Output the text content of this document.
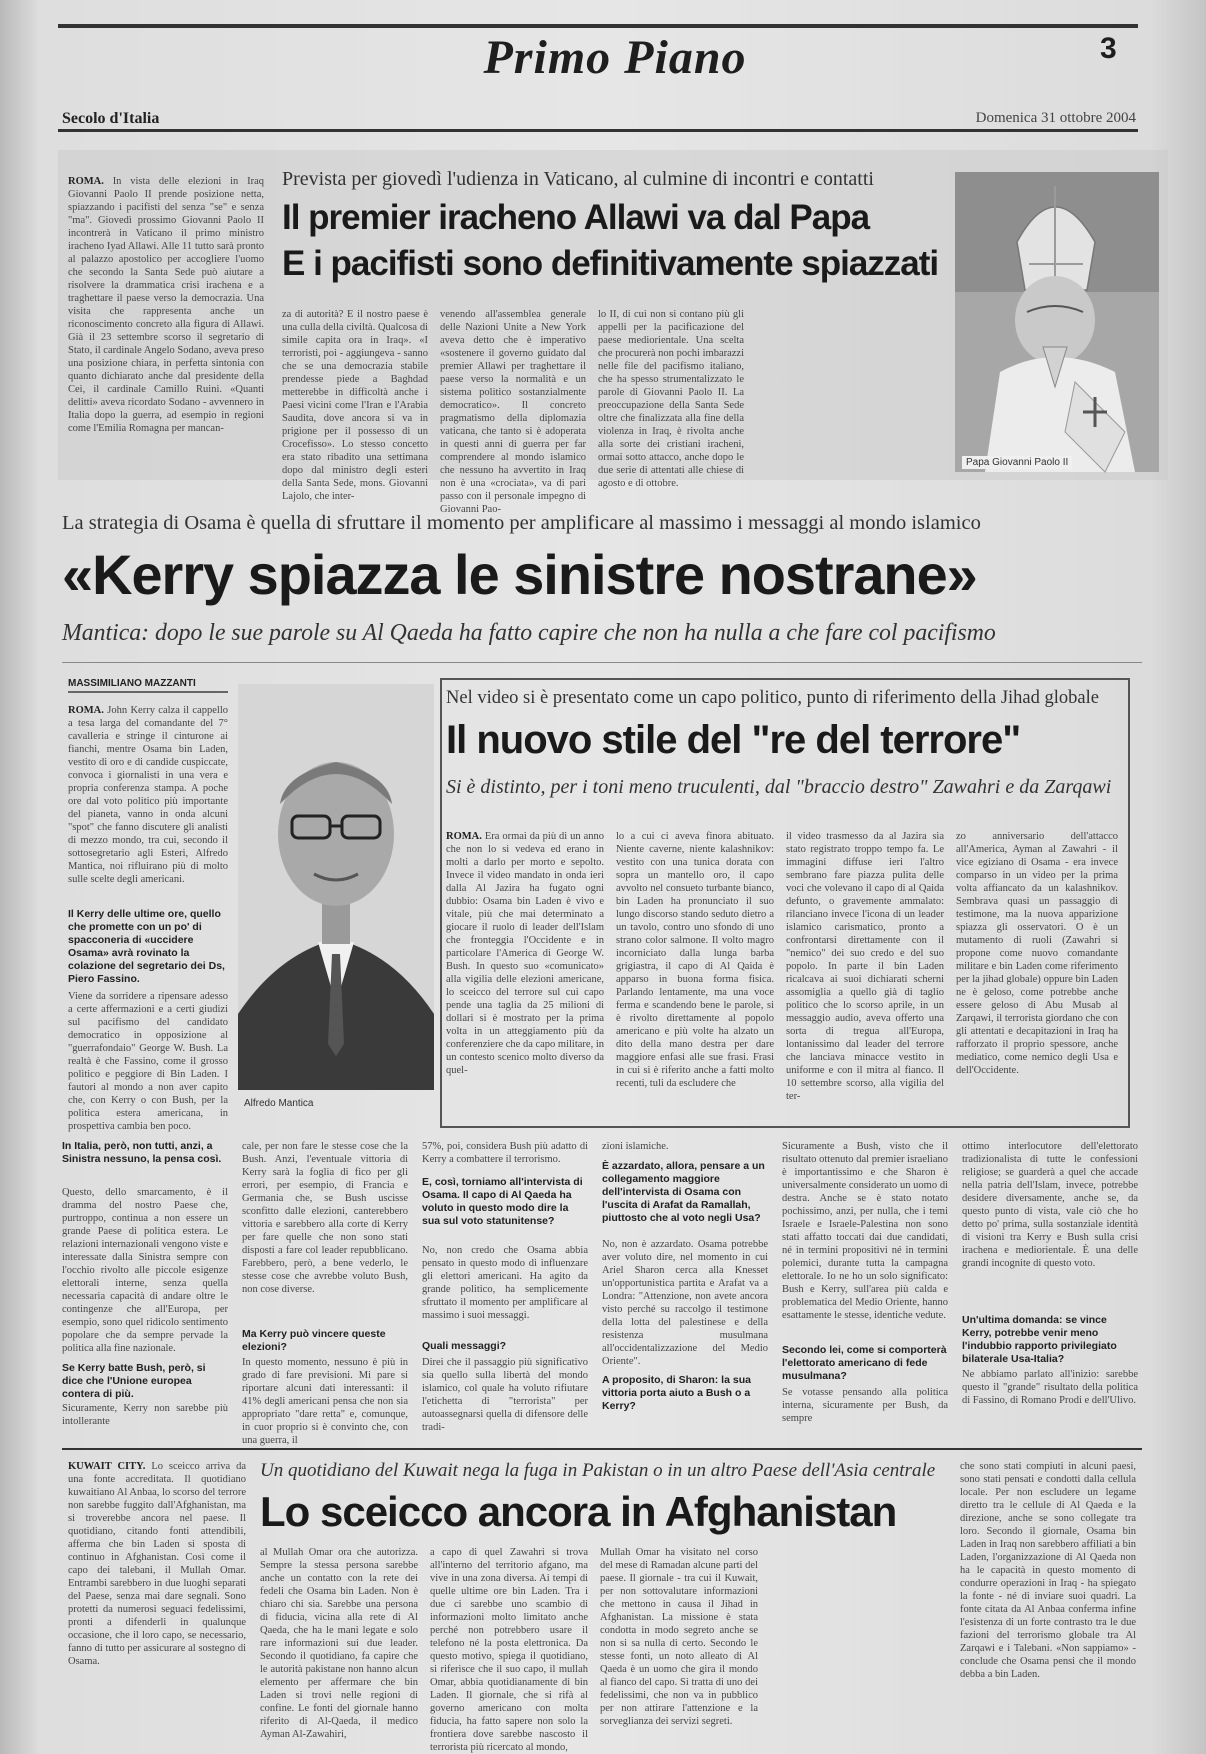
Primo Piano	3
Secolo d'Italia	Domenica 31 ottobre 2004
ROMA. In vista delle elezioni in Iraq Giovanni Paolo II prende posizione netta, spiazzando i pacifisti del senza "se" e senza "ma". Giovedì prossimo Giovanni Paolo II incontrerà in Vaticano il primo ministro iracheno Iyad Allawi. Alle 11 tutto sarà pronto al palazzo apostolico per accogliere l'uomo che secondo la Santa Sede può aiutare a risolvere la drammatica crisi irachena e a traghettare il paese verso la democrazia. Una visita che rappresenta anche un riconoscimento concreto alla figura di Allawi. Già il 23 settembre scorso il segretario di Stato, il cardinale Angelo Sodano, aveva preso una posizione chiara, in perfetta sintonia con quanto dichiarato anche dal presidente della Cei, il cardinale Camillo Ruini. «Quanti delitti» aveva ricordato Sodano - avvennero in Italia dopo la guerra, ad esempio in regioni come l'Emilia Romagna per mancan-
Prevista per giovedì l'udienza in Vaticano, al culmine di incontri e contatti
Il premier iracheno Allawi va dal Papa
E i pacifisti sono definitivamente spiazzati
za di autorità? E il nostro paese è una culla della civiltà. Qualcosa di simile capita ora in Iraq». «I terroristi, poi - aggiungeva - sanno che se una democrazia stabile prendesse piede a Baghdad metterebbe in difficoltà anche i Paesi vicini come l'Iran e l'Arabia Saudita, dove ancora si va in prigione per il possesso di un Crocefisso». Lo stesso concetto era stato ribadito una settimana dopo dal ministro degli esteri della Santa Sede, mons. Giovanni Lajolo, che inter-
venendo all'assemblea generale delle Nazioni Unite a New York aveva detto che è imperativo «sostenere il governo guidato dal premier Allawi per traghettare il paese verso la normalità e un sistema politico sostanzialmente democratico». Il concreto pragmatismo della diplomazia vaticana, che tanto si è adoperata in questi anni di guerra per far comprendere al mondo islamico che nessuno ha avvertito in Iraq non è una «crociata», va di pari passo con il personale impegno di Giovanni Pao-
lo II, di cui non si contano più gli appelli per la pacificazione del paese mediorientale. Una scelta che procurerà non pochi imbarazzi nelle file del pacifismo italiano, che ha spesso strumentalizzato le parole di Giovanni Paolo II. La preoccupazione della Santa Sede oltre che finalizzata alla fine della violenza in Iraq, è rivolta anche alla sorte dei cristiani iracheni, ormai sotto attacco, anche dopo le due serie di attentati alle chiese di agosto e di ottobre.
Papa Giovanni Paolo II
La strategia di Osama è quella di sfruttare il momento per amplificare al massimo i messaggi al mondo islamico
«Kerry spiazza le sinistre nostrane»
Mantica: dopo le sue parole su Al Qaeda ha fatto capire che non ha nulla a che fare col pacifismo
MASSIMILIANO MAZZANTI
ROMA. John Kerry calza il cappello a tesa larga del comandante del 7° cavalleria e stringe il cinturone ai fianchi, mentre Osama bin Laden, vestito di oro e di candide cuspiccate, convoca i giornalisti in una vera e propria conferenza stampa. A poche ore dal voto politico più importante del pianeta, vanno in onda alcuni "spot" che fanno discutere gli analisti di mezzo mondo, tra cui, secondo il sottosegretario agli Esteri, Alfredo Mantica, noi rifluirano più di molto sulle scelte degli americani.
Il Kerry delle ultime ore, quello che promette con un po' di spacconeria di «uccidere Osama» avrà rovinato la colazione del segretario dei Ds, Piero Fassino.
Viene da sorridere a ripensare adesso a certe affermazioni e a certi giudizi sul pacifismo del candidato democratico in opposizione al "guerrafondaio" George W. Bush. La realtà è che Fassino, come il grosso politico e peggiore di Bin Laden. I fautori al mondo a non aver capito che, con Kerry o con Bush, per la politica estera americana, in prospettiva cambia ben poco.
Alfredo Mantica
Nel video si è presentato come un capo politico, punto di riferimento della Jihad globale
Il nuovo stile del "re del terrore"
Si è distinto, per i toni meno truculenti, dal "braccio destro" Zawahri e da Zarqawi
ROMA. Era ormai da più di un anno che non lo si vedeva ed erano in molti a darlo per morto e sepolto. Invece il video mandato in onda ieri dalla Al Jazira ha fugato ogni dubbio: Osama bin Laden è vivo e vitale, più che mai determinato a giocare il ruolo di leader dell'Islam che fronteggia l'Occidente e in particolare l'America di George W. Bush. In questo suo «comunicato» alla vigilia delle elezioni americane, lo sceicco del terrore sul cui capo pende una taglia da 25 milioni di dollari si è mostrato per la prima volta in un atteggiamento più da conferenziere che da capo militare, in un contesto scenico molto diverso da quel-
lo a cui ci aveva finora abituato. Niente caverne, niente kalashnikov: vestito con una tunica dorata con sopra un mantello oro, il capo avvolto nel consueto turbante bianco, bin Laden ha pronunciato il suo lungo discorso stando seduto dietro a un tavolo, contro uno sfondo di uno strano color salmone. Il volto magro incorniciato dalla lunga barba grigiastra, il capo di Al Qaida è apparso in buona forma fisica. Parlando lentamente, ma una voce ferma e scandendo bene le parole, si è rivolto direttamente al popolo americano e più volte ha alzato un dito della mano destra per dare maggiore enfasi alle sue frasi. Frasi in cui si è riferito anche a fatti molto recenti, tuli da escludere che
il video trasmesso da al Jazira sia stato registrato troppo tempo fa. Le immagini diffuse ieri l'altro sembrano fare piazza pulita delle voci che volevano il capo di al Qaida defunto, o gravemente ammalato: rilanciano invece l'icona di un leader islamico carismatico, pronto a confrontarsi direttamente con il "nemico" dei suo credo e del suo popolo. In parte il bin Laden ricalcava ai suoi dichiarati scherni assomiglia a quello già di taglio politico che lo scorso aprile, in un messaggio audio, aveva offerto una sorta di tregua all'Europa, lontanissimo dal leader del terrore che lanciava minacce vestito in uniforme e con il mitra al fianco. Il 10 settembre scorso, alla vigilia del ter-
zo anniversario dell'attacco all'America, Ayman al Zawahri - il vice egiziano di Osama - era invece comparso in un video per la prima volta affiancato da un kalashnikov. Sembrava quasi un passaggio di testimone, ma la nuova apparizione spiazza gli osservatori. O è un mutamento di ruoli (Zawahri si propone come nuovo comandante militare e bin Laden come riferimento per la jihad globale) oppure bin Laden ne è geloso, come potrebbe anche essere geloso di Abu Musab al Zarqawi, il terrorista giordano che con gli attentati e decapitazioni in Iraq ha rafforzato il proprio spessore, anche mediatico, come nemico degli Usa e dell'Occidente.
In Italia, però, non tutti, anzi, a Sinistra nessuno, la pensa così.
Questo, dello smarcamento, è il dramma del nostro Paese che, purtroppo, continua a non essere un grande Paese di politica estera. Le relazioni internazionali vengono viste e interessate dalla Sinistra sempre con l'occhio rivolto alle piccole esigenze elettorali interne, senza quella necessaria capacità di andare oltre le contingenze che all'Europa, per esempio, sono quel ridicolo sentimento popolare che da sempre pervade la politica alla fine nazionale.
Se Kerry batte Bush, però, si dice che l'Unione europea contera di più.
Sicuramente, Kerry non sarebbe più intollerante
cale, per non fare le stesse cose che la Bush. Anzi, l'eventuale vittoria di Kerry sarà la foglia di fico per gli errori, per esempio, di Francia e Germania che, se Bush uscisse sconfitto dalle elezioni, canterebbero vittoria e sarebbero alla corte di Kerry per fare quelle che non sono stati disposti a fare col leader repubblicano. Farebbero, però, a bene vederlo, le stesse cose che avrebbe voluto Bush, non cose diverse.
Ma Kerry può vincere queste elezioni?
In questo momento, nessuno è più in grado di fare previsioni. Mi pare si riportare alcuni dati interessanti: il 41% degli americani pensa che non sia appropriato "dare retta" e, comunque, in cuor proprio si è convinto che, con una guerra, il
57%, poi, considera Bush più adatto di Kerry a combattere il terrorismo.
E, così, torniamo all'intervista di Osama. Il capo di Al Qaeda ha voluto in questo modo dire la sua sul voto statunitense?
No, non credo che Osama abbia pensato in questo modo di influenzare gli elettori americani. Ha agito da grande politico, ha semplicemente sfruttato il momento per amplificare al massimo i suoi messaggi.
Quali messaggi?
Direi che il passaggio più significativo sia quello sulla libertà del mondo islamico, col quale ha voluto rifiutare l'etichetta di "terrorista" per autoassegnarsi quella di difensore delle tradi-
zioni islamiche.
È azzardato, allora, pensare a un collegamento maggiore dell'intervista di Osama con l'uscita di Arafat da Ramallah, piuttosto che al voto negli Usa?
No, non è azzardato. Osama potrebbe aver voluto dire, nel momento in cui Ariel Sharon cerca alla Knesset un'opportunistica partita e Arafat va a Londra: "Attenzione, non avete ancora visto perché su raccolgo il testimone della lotta del palestinese e della resistenza musulmana all'occidentalizzazione del Medio Oriente".
A proposito, di Sharon: la sua vittoria porta aiuto a Bush o a Kerry?
Sicuramente a Bush, visto che il risultato ottenuto dal premier israeliano è importantissimo e che Sharon è universalmente considerato un uomo di destra. Anche se è stato notato pochissimo, anzi, per nulla, che i temi Israele e Israele-Palestina non sono stati affatto toccati dai due candidati, né in termini propositivi né in termini polemici, durante tutta la campagna elettorale. Io ne ho un solo significato: Bush e Kerry, sull'area più calda e problematica del Medio Oriente, hanno esattamente le stesse, identiche vedute.
Secondo lei, come si comporterà l'elettorato americano di fede musulmana?
Se votasse pensando alla politica interna, sicuramente per Bush, da sempre
ottimo interlocutore dell'elettorato tradizionalista di tutte le confessioni religiose; se guarderà a quel che accade nella patria dell'Islam, invece, potrebbe desidere diversamente, anche se, da questo punto di vista, vale ciò che ho detto po' prima, sulla sostanziale identità di visioni tra Kerry e Bush sulla crisi irachena e mediorientale. È una delle grandi incognite di questo voto.
Un'ultima domanda: se vince Kerry, potrebbe venir meno l'indubbio rapporto privilegiato bilaterale Usa-Italia?
Ne abbiamo parlato all'inizio: sarebbe questo il "grande" risultato della politica di Fassino, di Romano Prodi e dell'Ulivo.
KUWAIT CITY. Lo sceicco arriva da una fonte accreditata. Il quotidiano kuwaitiano Al Anbaa, lo scorso del terrore non sarebbe fuggito dall'Afghanistan, ma si troverebbe ancora nel paese. Il quotidiano, citando fonti attendibili, afferma che bin Laden si sposta di continuo in Afghanistan. Così come il capo dei talebani, il Mullah Omar. Entrambi sarebbero in due luoghi separati del Paese, senza mai dare segnali. Sono protetti da numerosi seguaci fedelissimi, pronti a difenderli in qualunque occasione, che il loro capo, se necessario, fanno di tutto per assicurare al sostegno di Osama.
Un quotidiano del Kuwait nega la fuga in Pakistan o in un altro Paese dell'Asia centrale
Lo sceicco ancora in Afghanistan
al Mullah Omar ora che autorizza. Sempre la stessa persona sarebbe anche un contatto con la rete dei fedeli che Osama bin Laden. Non è chiaro chi sia. Sarebbe una persona di fiducia, vicina alla rete di Al Qaeda, che ha le mani legate e solo rare informazioni sui due leader. Secondo il quotidiano, fa capire che le autorità pakistane non hanno alcun elemento per affermare che bin Laden si trovi nelle regioni di confine. Le fonti del giornale hanno riferito di Al-Qaeda, il medico Ayman Al-Zawahiri,
a capo di quel Zawahri si trova all'interno del territorio afgano, ma vive in una zona diversa. Ai tempi di quelle ultime ore bin Laden. Tra i due ci sarebbe uno scambio di informazioni molto limitato anche perché non potrebbero usare il telefono né la posta elettronica. Da questo motivo, spiega il quotidiano, si riferisce che il suo capo, il mullah Omar, abbia quotidianamente di bin Laden. Il giornale, che si rifà al governo americano con molta fiducia, ha fatto sapere non solo la frontiera dove sarebbe nascosto il terrorista più ricercato al mondo,
Mullah Omar ha visitato nel corso del mese di Ramadan alcune parti del paese. Il giornale - tra cui il Kuwait, per non sottovalutare informazioni che mettono in causa il Jihad in Afghanistan. La missione è stata condotta in modo segreto anche se non si sa nulla di certo. Secondo le stesse fonti, un noto alleato di Al Qaeda è un uomo che gira il mondo al fianco del capo. Si tratta di uno dei fedelissimi, che non va in pubblico per non attirare l'attenzione e la sorveglianza dei servizi segreti.
che sono stati compiuti in alcuni paesi, sono stati pensati e condotti dalla cellula locale. Per non escludere un legame diretto tra le cellule di Al Qaeda e la direzione, anche se sono collegate tra loro. Secondo il giornale, Osama bin Laden in Iraq non sarebbero affiliati a bin Laden, l'organizzazione di Al Qaeda non ha le capacità in questo momento di condurre operazioni in Iraq - ha spiegato la fonte - né di inviare suoi quadri. La fonte citata da Al Anbaa conferma infine l'esistenza di un forte contrasto tra le due fazioni del terrorismo globale tra Al Zarqawi e i Talebani. «Non sappiamo» - conclude che Osama pensi che il mondo debba a bin Laden.
